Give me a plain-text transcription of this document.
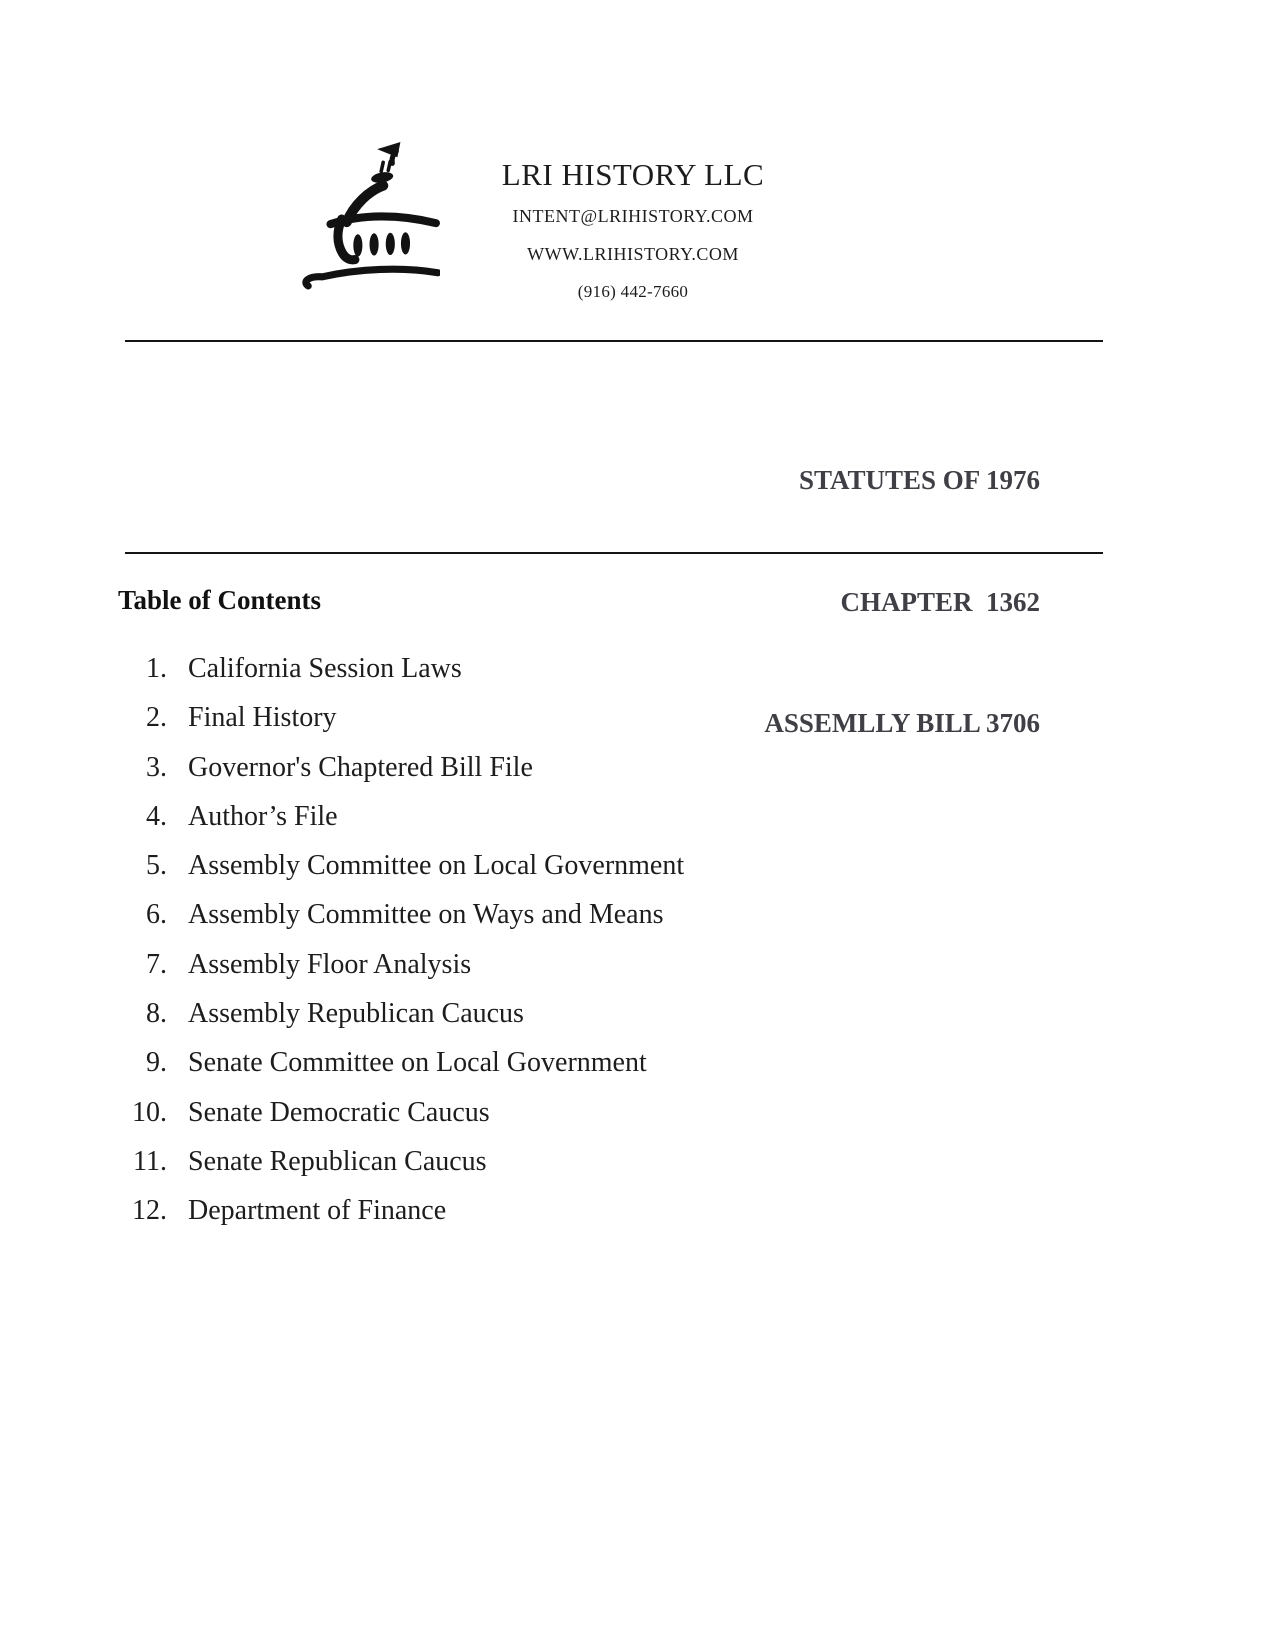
LRI HISTORY LLC
INTENT@LRIHISTORY.COM
WWW.LRIHISTORY.COM
(916) 442-7660

STATUTES OF 1976

CHAPTER  1362

ASSEMLLY BILL 3706

Table of Contents
1. California Session Laws
2. Final History
3. Governor's Chaptered Bill File
4. Author’s File
5. Assembly Committee on Local Government
6. Assembly Committee on Ways and Means
7. Assembly Floor Analysis
8. Assembly Republican Caucus
9. Senate Committee on Local Government
10. Senate Democratic Caucus
11. Senate Republican Caucus
12. Department of Finance
